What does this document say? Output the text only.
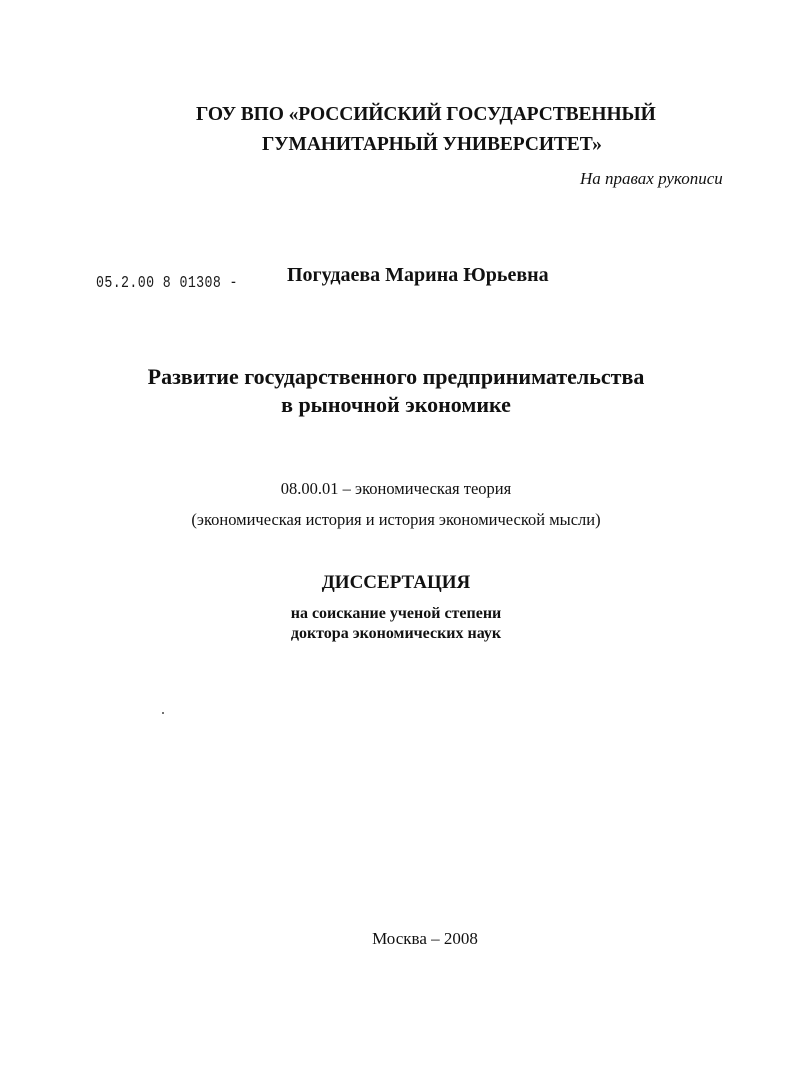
ГОУ ВПО «РОССИЙСКИЙ ГОСУДАРСТВЕННЫЙ
ГУМАНИТАРНЫЙ УНИВЕРСИТЕТ»
На правах рукописи
05.2.00 8 01308 - Погудаева Марина Юрьевна
Развитие государственного предпринимательства
в рыночной экономике
08.00.01 – экономическая теория
(экономическая история и история экономической мысли)
ДИССЕРТАЦИЯ
на соискание ученой степени
доктора экономических наук
Москва – 2008
